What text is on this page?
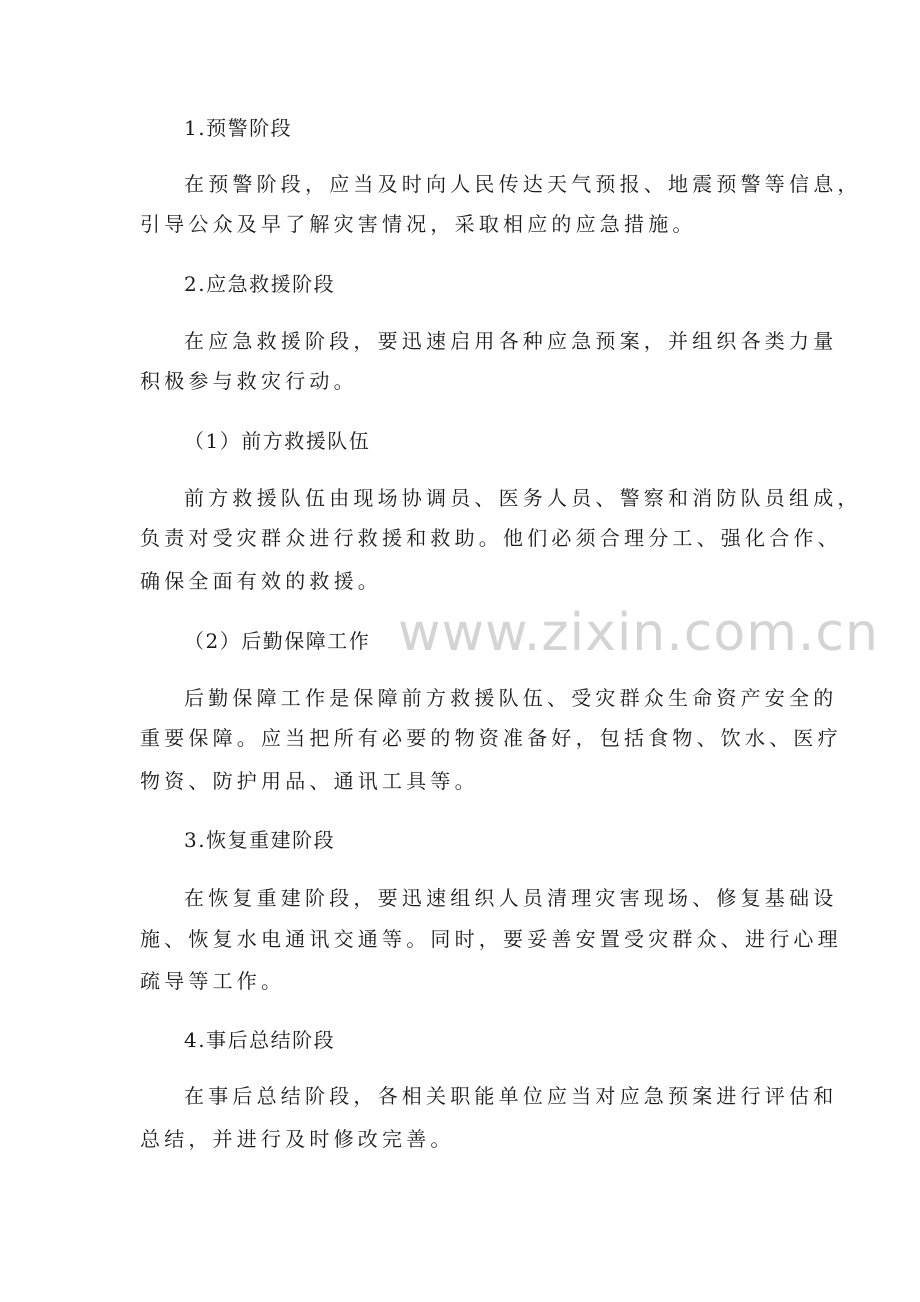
1.预警阶段
在预警阶段，应当及时向人民传达天气预报、地震预警等信息，
引导公众及早了解灾害情况，采取相应的应急措施。
2.应急救援阶段
在应急救援阶段，要迅速启用各种应急预案，并组织各类力量
积极参与救灾行动。
（1）前方救援队伍
前方救援队伍由现场协调员、医务人员、警察和消防队员组成，
负责对受灾群众进行救援和救助。他们必须合理分工、强化合作、
确保全面有效的救援。
（2）后勤保障工作
后勤保障工作是保障前方救援队伍、受灾群众生命资产安全的
重要保障。应当把所有必要的物资准备好，包括食物、饮水、医疗
物资、防护用品、通讯工具等。
3.恢复重建阶段
在恢复重建阶段，要迅速组织人员清理灾害现场、修复基础设
施、恢复水电通讯交通等。同时，要妥善安置受灾群众、进行心理
疏导等工作。
4.事后总结阶段
在事后总结阶段，各相关职能单位应当对应急预案进行评估和
总结，并进行及时修改完善。
www.zixin.com.cn
